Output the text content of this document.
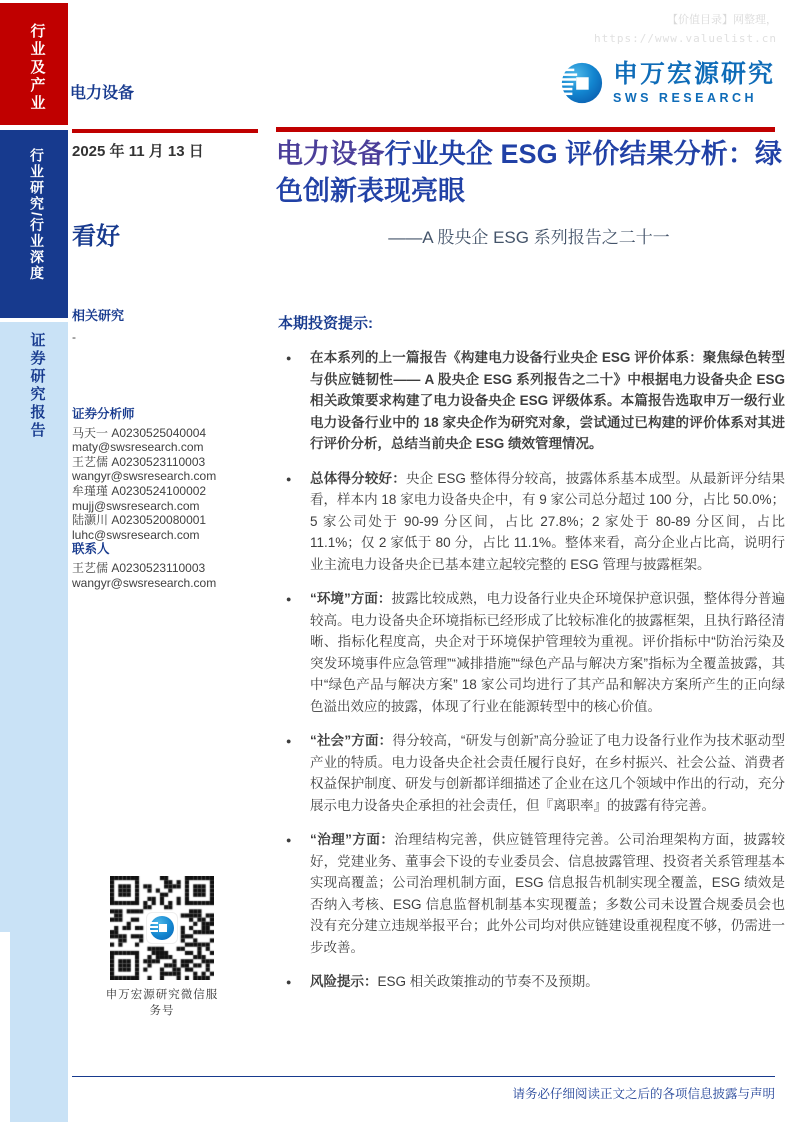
行业及产业
行业研究/行业深度
证券研究报告
【价值目录】网整理，
https://www.valuelist.cn
电力设备
申万宏源研究
SWS RESEARCH
2025 年 11 月 13 日
看好
电力设备行业央企 ESG 评价结果分析：绿色创新表现亮眼
——A 股央企 ESG 系列报告之二十一
相关研究
-
证券分析师
马天一 A0230525040004
maty@swsresearch.com
王艺儒 A0230523110003
wangyr@swsresearch.com
牟瑾瑾 A0230524100002
mujj@swsresearch.com
陆灏川 A0230520080001
luhc@swsresearch.com
联系人
王艺儒 A0230523110003
wangyr@swsresearch.com
本期投资提示:
●	在本系列的上一篇报告《构建电力设备行业央企 ESG 评价体系：聚焦绿色转型与供应链韧性—— A 股央企 ESG 系列报告之二十》中根据电力设备央企 ESG 相关政策要求构建了电力设备央企 ESG 评级体系。本篇报告选取申万一级行业电力设备行业中的 18 家央企作为研究对象，尝试通过已构建的评价体系对其进行评价分析，总结当前央企 ESG 绩效管理情况。

●	总体得分较好：央企 ESG 整体得分较高，披露体系基本成型。从最新评分结果看，样本内 18 家电力设备央企中，有 9 家公司总分超过 100 分，占比 50.0%；5 家公司处于 90-99 分区间，占比 27.8%；2 家处于 80-89 分区间，占比 11.1%；仅 2 家低于 80 分，占比 11.1%。整体来看，高分企业占比高，说明行业主流电力设备央企已基本建立起较完整的 ESG 管理与披露框架。

●	“环境”方面：披露比较成熟，电力设备行业央企环境保护意识强，整体得分普遍较高。电力设备央企环境指标已经形成了比较标准化的披露框架，且执行路径清晰、指标化程度高，央企对于环境保护管理较为重视。评价指标中“防治污染及突发环境事件应急管理”“减排措施”“绿色产品与解决方案”指标为全覆盖披露，其中“绿色产品与解决方案” 18 家公司均进行了其产品和解决方案所产生的正向绿色溢出效应的披露，体现了行业在能源转型中的核心价值。

●	“社会”方面：得分较高，“研发与创新”高分验证了电力设备行业作为技术驱动型产业的特质。电力设备央企社会责任履行良好，在乡村振兴、社会公益、消费者权益保护制度、研发与创新都详细描述了企业在这几个领域中作出的行动，充分展示电力设备央企承担的社会责任，但『离职率』的披露有待完善。

●	“治理”方面：治理结构完善，供应链管理待完善。公司治理架构方面，披露较好，党建业务、董事会下设的专业委员会、信息披露管理、投资者关系管理基本实现高覆盖；公司治理机制方面，ESG 信息报告机制实现全覆盖，ESG 绩效是否纳入考核、ESG 信息监督机制基本实现覆盖；多数公司未设置合规委员会也没有充分建立违规举报平台；此外公司均对供应链建设重视程度不够，仍需进一步改善。

●	风险提示：ESG 相关政策推动的节奏不及预期。

申万宏源研究微信服务号
请务必仔细阅读正文之后的各项信息披露与声明
